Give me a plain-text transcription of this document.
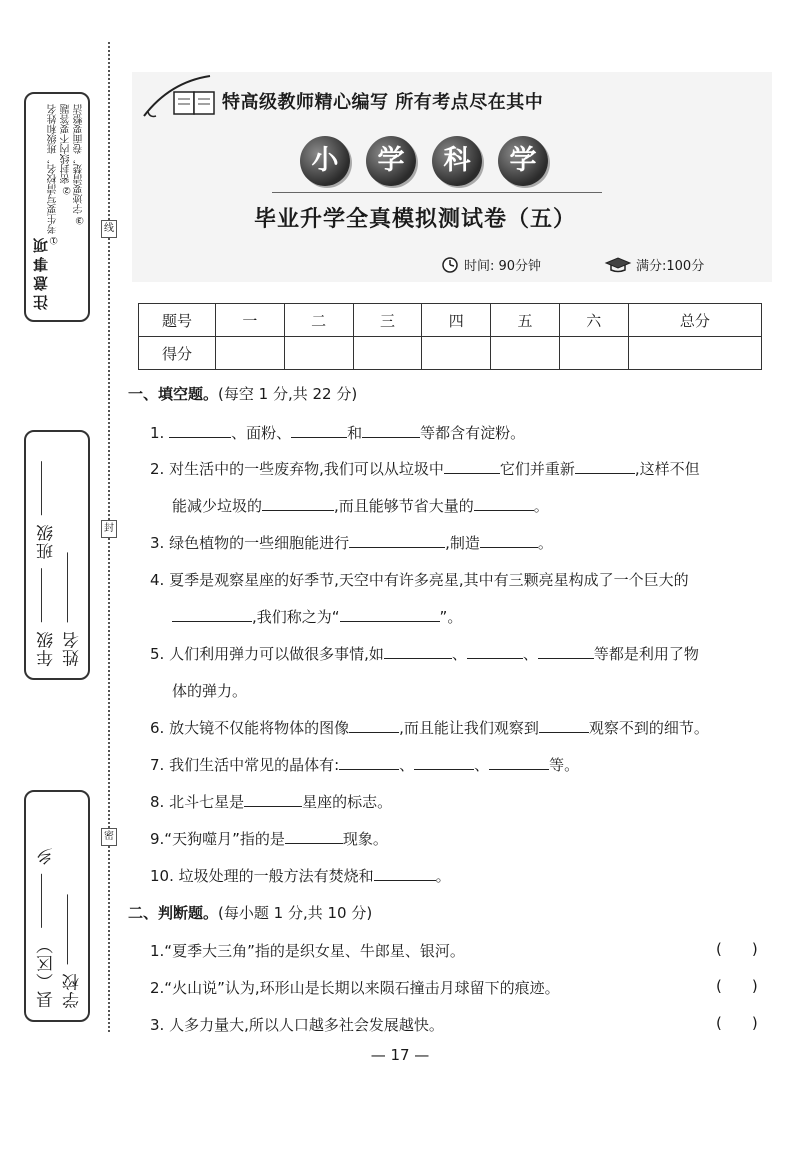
注意事项
①考生要写清校名，班级和姓名 ②密封线内不要答题 ③字迹要清楚，卷面要整洁
年级  班级
姓名
县（区）  乡
学校
线
封
密
特高级教师精心编写 所有考点尽在其中
小	学	科	学
毕业升学全真模拟测试卷（五）
时间: 90分钟	满分:100分
题号	一	二	三	四	五	六	总分
得分							
一、填空题。(每空 1 分,共 22 分)
1.	、面粉、	和	等都含有淀粉。
2. 对生活中的一些废弃物,我们可以从垃圾中	它们并重新	,这样不但
能减少垃圾的	,而且能够节省大量的	。
3. 绿色植物的一些细胞能进行	,制造	。
4. 夏季是观察星座的好季节,天空中有许多亮星,其中有三颗亮星构成了一个巨大的
,我们称之为“	”。
5. 人们利用弹力可以做很多事情,如	、	、	等都是利用了物
体的弹力。
6. 放大镜不仅能将物体的图像	,而且能让我们观察到	观察不到的细节。
7. 我们生活中常见的晶体有:	、	、	等。
8. 北斗七星是	星座的标志。
9.“天狗噬月”指的是	现象。
10. 垃圾处理的一般方法有焚烧和	。
二、判断题。(每小题 1 分,共 10 分)
1.“夏季大三角”指的是织女星、牛郎星、银河。	()
2.“火山说”认为,环形山是长期以来陨石撞击月球留下的痕迹。	()
3. 人多力量大,所以人口越多社会发展越快。	()
— 17 —
